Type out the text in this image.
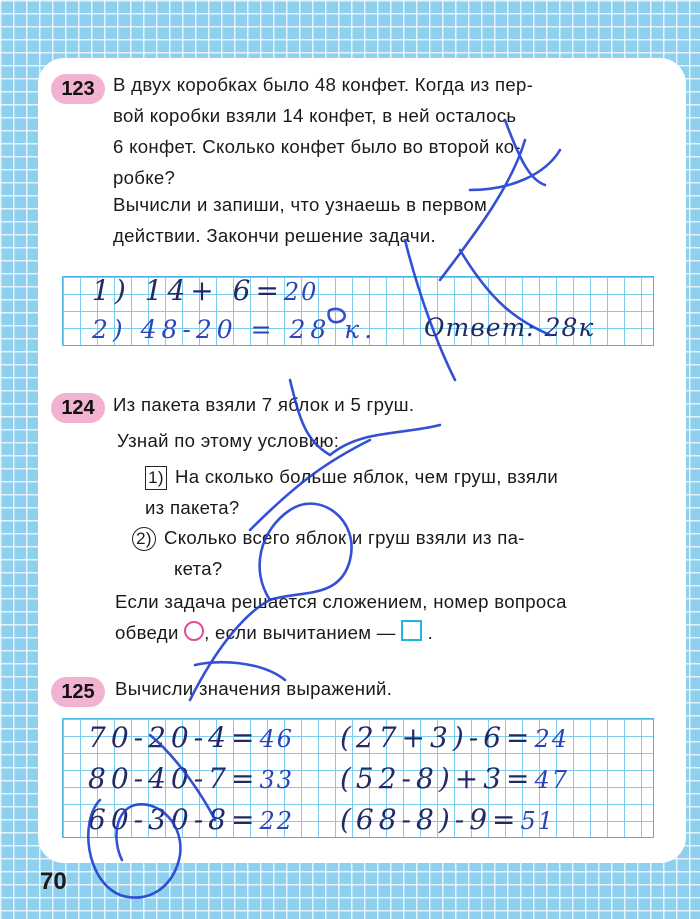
123 В двух коробках было 48 конфет. Когда из пер-

вой коробки взяли 14 конфет, в ней осталось

6 конфет. Сколько конфет было во второй ко-

робке?

Вычисли и запиши, что узнаешь в первом

действии. Закончи решение задачи.

1) 14+ 6=20
2) 48-20 = 28 к. Ответ: 28к
124 Из пакета взяли 7 яблок и 5 груш.
Узнай по этому условию:

1) На сколько больше яблок, чем груш, взяли

из пакета?

2) Сколько всего яблок и груш взяли из па-

кета?

Если задача решается сложением, номер вопроса

обведи , если вычитанием — .

125	Вычисли значения выражений.
70-20-4=46 (27+3)-6=24
80-40-7=33 (52-8)+3=47
60-30-8=22 (68-8)-9=51
70
